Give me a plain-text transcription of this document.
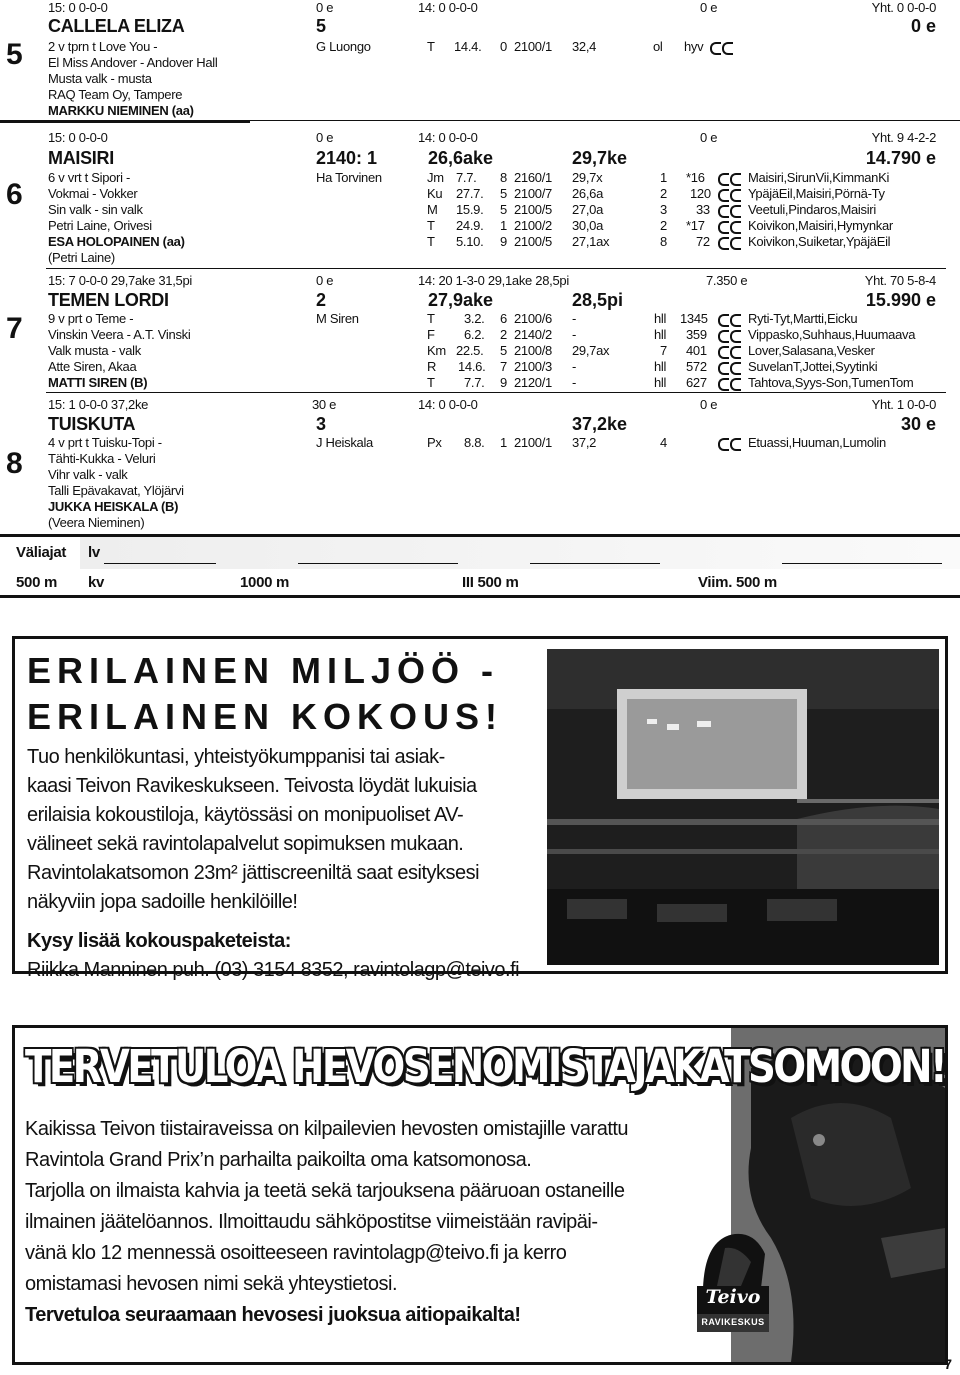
15: 0 0-0-0	0 e	14: 0 0-0-0	0 e	Yht. 0 0-0-0
5
CALLELA ELIZA	5	0 e
2 v tprn t Love You -
El Miss Andover - Andover Hall
Musta valk - musta
RAQ Team Oy, Tampere
MARKKU NIEMINEN (aa)
G Luongo	T 14.4. 0 2100/1 32,4	ol hyv
15: 0 0-0-0	0 e	14: 0 0-0-0	0 e	Yht. 9 4-2-2
6
MAISIRI	2140: 1	26,6ake	29,7ke	14.790 e
6 v vrt t Sipori -
Vokmai - Vokker
Sin valk - sin valk
Petri Laine, Orivesi
ESA HOLOPAINEN (aa)
(Petri Laine)
Ha Torvinen	Jm 7.7. 8 2160/1 29,7x	1 *16	Maisiri,SirunVii,KimmanKi
Ku 27.7. 5 2100/7 26,6a	2 120	YpäjäEil,Maisiri,Pörnä-Ty
M 15.9. 5 2100/5 27,0a	3 33	Veetuli,Pindaros,Maisiri
T 24.9. 1 2100/2 30,0a	2 *17	Koivikon,Maisiri,Hymynkar
T 5.10. 9 2100/5 27,1ax	8 72	Koivikon,Suiketar,YpäjäEil
15: 7 0-0-0 29,7ake 31,5pi	0 e	14: 20 1-3-0 29,1ake 28,5pi	7.350 e	Yht. 70 5-8-4
7
TEMEN LORDI	2	27,9ake	28,5pi	15.990 e
9 v prt o Teme -
Vinskin Veera - A.T. Vinski
Valk musta - valk
Atte Siren, Akaa
MATTI SIREN (B)
M Siren	T 3.2. 6 2100/6 -	hll 1345	Ryti-Tyt,Martti,Eicku
F 6.2. 2 2140/2 -	hll 359	Vippasko,Suhhaus,Huumaava
Km 22.5. 5 2100/8 29,7ax	7 401	Lover,Salasana,Vesker
R 14.6. 7 2100/3 -	hll 572	SuvelanT,Jottei,Syytinki
T 7.7. 9 2120/1 -	hll 627	Tahtova,Syys-Son,TumenTom
15: 1 0-0-0 37,2ke	30 e	14: 0 0-0-0	0 e	Yht. 1 0-0-0
8
TUISKUTA	3	37,2ke	30 e
4 v prt t Tuisku-Topi -
Tähti-Kukka - Veluri
Vihr valk - valk
Talli Epävakavat, Ylöjärvi
JUKKA HEISKALA (B)
(Veera Nieminen)
J Heiskala	Px 8.8. 1 2100/1 37,2	4	Etuassi,Huuman,Lumolin
Väliajat lv
500 m kv	1000 m	III 500 m	Viim. 500 m
ERILAINEN MILJÖÖ -
ERILAINEN KOKOUS!
Tuo henkilökuntasi, yhteistyökumppanisi tai asiak-
kaasi Teivon Ravikeskukseen. Teivosta löydät lukuisia
erilaisia kokoustiloja, käytössäsi on monipuoliset AV-
välineet sekä ravintolapalvelut sopimuksen mukaan.
Ravintolakatsomon 23m² jättiscreeniltä saat esityksesi
näkyviin jopa sadoille henkilöille!
Kysy lisää kokouspaketeista:
Riikka Manninen puh. (03) 3154 8352, ravintolagp@teivo.fi
TERVETULOA HEVOSENOMISTAJAKATSOMOON!
Kaikissa Teivon tiistairaveissa on kilpailevien hevosten omistajille varattu
Ravintola Grand Prix’n parhailta paikoilta oma katsomonosa.
Tarjolla on ilmaista kahvia ja teetä sekä tarjouksena pääruoan ostaneille
ilmainen jäätelöannos. Ilmoittaudu sähköpostitse viimeistään ravipäi-
vänä klo 12 mennessä osoitteeseen ravintolagp@teivo.fi ja kerro
omistamasi hevosen nimi sekä yhteystietosi.
Tervetuloa seuraamaan hevosesi juoksua aitiopaikalta!
Teivo
RAVIKESKUS
7
